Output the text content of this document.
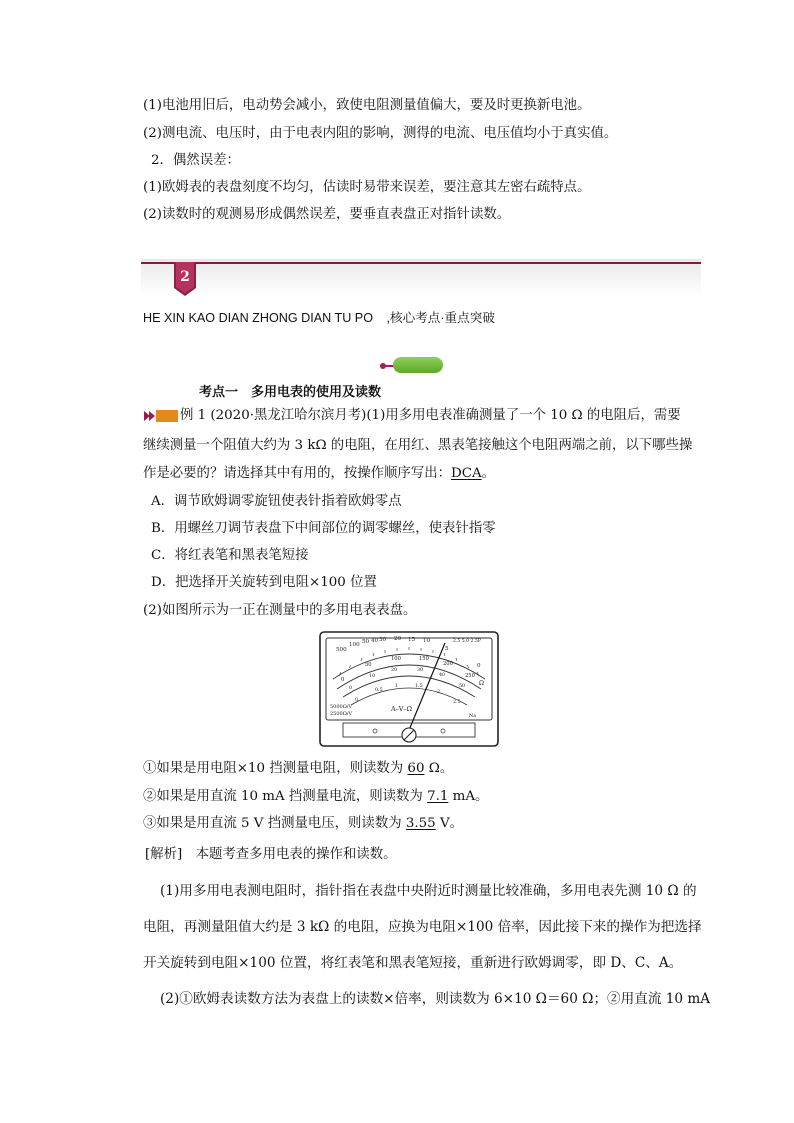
(1)电池用旧后，电动势会减小，致使电阻测量值偏大，要及时更换新电池。
(2)测电流、电压时，由于电表内阻的影响，测得的电流、电压值均小于真实值。
2．偶然误差：
(1)欧姆表的表盘刻度不均匀，估读时易带来误差，要注意其左密右疏特点。
(2)读数时的观测易形成偶然误差，要垂直表盘正对指针读数。
2
HE XIN KAO DIAN ZHONG DIAN TU PO ,核心考点·重点突破
考点一　多用电表的使用及读数
例 1 (2020·黑龙江哈尔滨月考)(1)用多用电表准确测量了一个 10 Ω 的电阻后，需要
继续测量一个阻值大约为 3 kΩ 的电阻，在用红、黑表笔接触这个电阻两端之前，以下哪些操
作是必要的？请选择其中有用的，按操作顺序写出：DCA。
A．调节欧姆调零旋钮使表针指着欧姆零点
B．用螺丝刀调节表盘下中间部位的调零螺丝，使表针指零
C．将红表笔和黑表笔短接
D．把选择开关旋转到电阻×100 位置
(2)如图所示为一正在测量中的多用电表表盘。
500
100 50 40 30 20 15 10
5
0
2.5 5.0 2.5P
Ω
0
50
100	150
200
250
0
10
20	30
40
50
0
0.5
1	1.5
2
2.5
5000Ω/V
2500Ω/V
A–V–Ω
Na
①如果是用电阻×10 挡测量电阻，则读数为 60 Ω。
②如果是用直流 10 mA 挡测量电流，则读数为 7.1 mA。
③如果是用直流 5 V 挡测量电压，则读数为 3.55 V。
[解析]　本题考查多用电表的操作和读数。
(1)用多用电表测电阻时，指针指在表盘中央附近时测量比较准确，多用电表先测 10 Ω 的
电阻，再测量阻值大约是 3 kΩ 的电阻，应换为电阻×100 倍率，因此接下来的操作为把选择
开关旋转到电阻×100 位置，将红表笔和黑表笔短接，重新进行欧姆调零，即 D、C、A。
(2)①欧姆表读数方法为表盘上的读数×倍率，则读数为 6×10 Ω＝60 Ω；②用直流 10 mA
